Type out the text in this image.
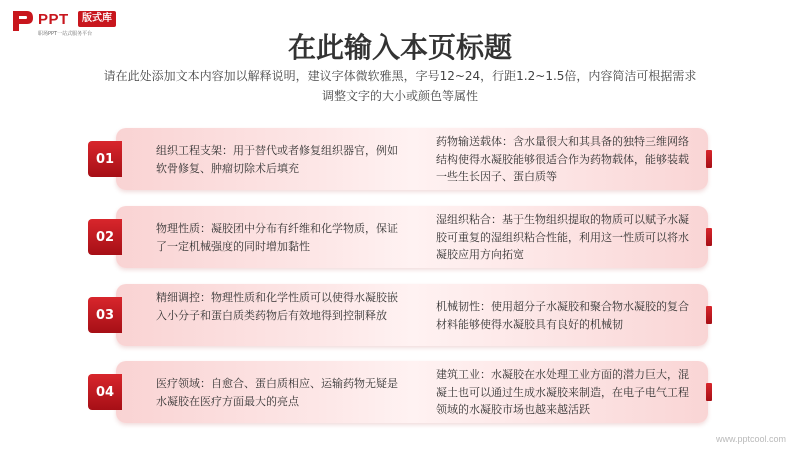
PPT	版式库
职场PPT一站式服务平台	在此输入本页标题
请在此处添加文本内容加以解释说明，建议字体微软雅黑，字号12~24，行距1.2~1.5倍，内容简洁可根据需求调整文字的大小或颜色等属性
组织工程支架：用于替代或者修复组织器官，例如软骨修复、肿瘤切除术后填充
药物输送载体：含水量很大和其具备的独特三维网络结构使得水凝胶能够很适合作为药物载体，能够装载一些生长因子、蛋白质等
01
物理性质：凝胶团中分布有纤维和化学物质，保证了一定机械强度的同时增加黏性
湿组织粘合：基于生物组织提取的物质可以赋予水凝胶可重复的湿组织粘合性能，利用这一性质可以将水凝胶应用方向拓宽
02
精细调控：物理性质和化学性质可以使得水凝胶嵌入小分子和蛋白质类药物后有效地得到控制释放
机械韧性：使用超分子水凝胶和聚合物水凝胶的复合材料能够使得水凝胶具有良好的机械韧
03
医疗领域：自愈合、蛋白质相应、运输药物无疑是水凝胶在医疗方面最大的亮点
建筑工业：水凝胶在水处理工业方面的潜力巨大，混凝土也可以通过生成水凝胶来制造，在电子电气工程领域的水凝胶市场也越来越活跃
04
www.pptcool.com
